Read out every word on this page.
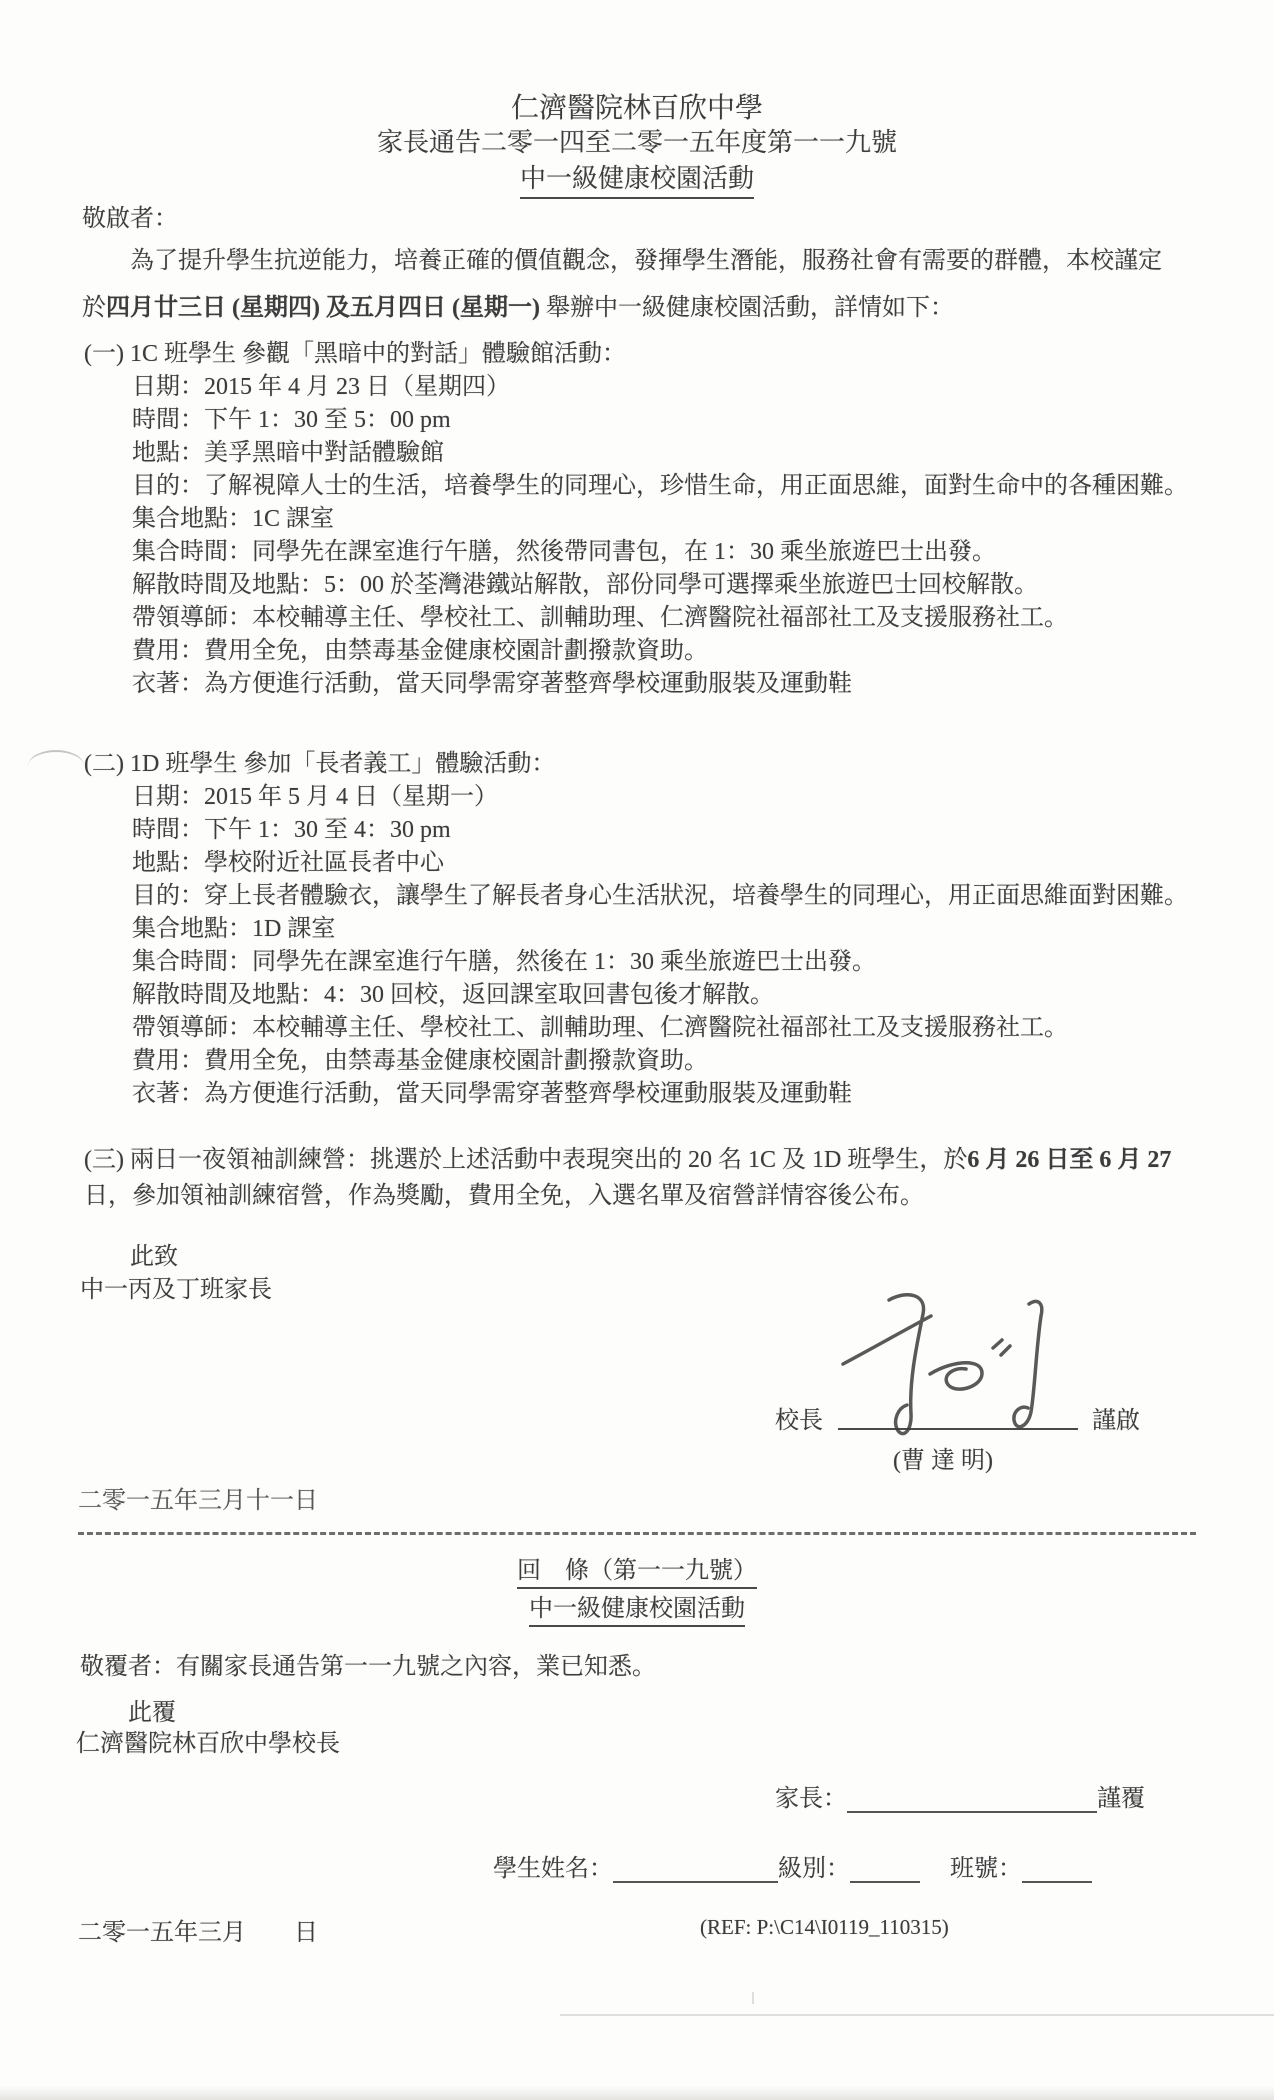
仁濟醫院林百欣中學
家長通告二零一四至二零一五年度第一一九號
中一級健康校園活動
敬啟者：
為了提升學生抗逆能力，培養正確的價值觀念，發揮學生潛能，服務社會有需要的群體，本校謹定
於四月廿三日 (星期四) 及五月四日 (星期一) 舉辦中一級健康校園活動，詳情如下：
(一) 1C 班學生 參觀「黑暗中的對話」體驗館活動：
日期：2015 年 4 月 23 日（星期四）
時間：下午 1：30 至 5：00 pm
地點：美孚黑暗中對話體驗館
目的：了解視障人士的生活，培養學生的同理心，珍惜生命，用正面思維，面對生命中的各種困難。
集合地點：1C 課室
集合時間：同學先在課室進行午膳，然後帶同書包，在 1：30 乘坐旅遊巴士出發。
解散時間及地點：5：00 於荃灣港鐵站解散，部份同學可選擇乘坐旅遊巴士回校解散。
帶領導師：本校輔導主任、學校社工、訓輔助理、仁濟醫院社福部社工及支援服務社工。
費用：費用全免，由禁毒基金健康校園計劃撥款資助。
衣著：為方便進行活動，當天同學需穿著整齊學校運動服裝及運動鞋
(二) 1D 班學生 參加「長者義工」體驗活動：
日期：2015 年 5 月 4 日（星期一）
時間：下午 1：30 至 4：30 pm
地點：學校附近社區長者中心
目的：穿上長者體驗衣，讓學生了解長者身心生活狀況，培養學生的同理心，用正面思維面對困難。
集合地點：1D 課室
集合時間：同學先在課室進行午膳，然後在 1：30 乘坐旅遊巴士出發。
解散時間及地點：4：30 回校，返回課室取回書包後才解散。
帶領導師：本校輔導主任、學校社工、訓輔助理、仁濟醫院社福部社工及支援服務社工。
費用：費用全免，由禁毒基金健康校園計劃撥款資助。
衣著：為方便進行活動，當天同學需穿著整齊學校運動服裝及運動鞋
(三) 兩日一夜領袖訓練營：挑選於上述活動中表現突出的 20 名 1C 及 1D 班學生，於6 月 26 日至 6 月 27
日，參加領袖訓練宿營，作為獎勵，費用全免，入選名單及宿營詳情容後公布。
此致
中一丙及丁班家長
校長	謹啟
(曹 達 明)
二零一五年三月十一日
回　條（第一一九號）
中一級健康校園活動
敬覆者：有關家長通告第一一九號之內容，業已知悉。
此覆
仁濟醫院林百欣中學校長
家長：	謹覆
學生姓名：	級別：	班號：
二零一五年三月 日	(REF: P:\C14\I0119_110315)
